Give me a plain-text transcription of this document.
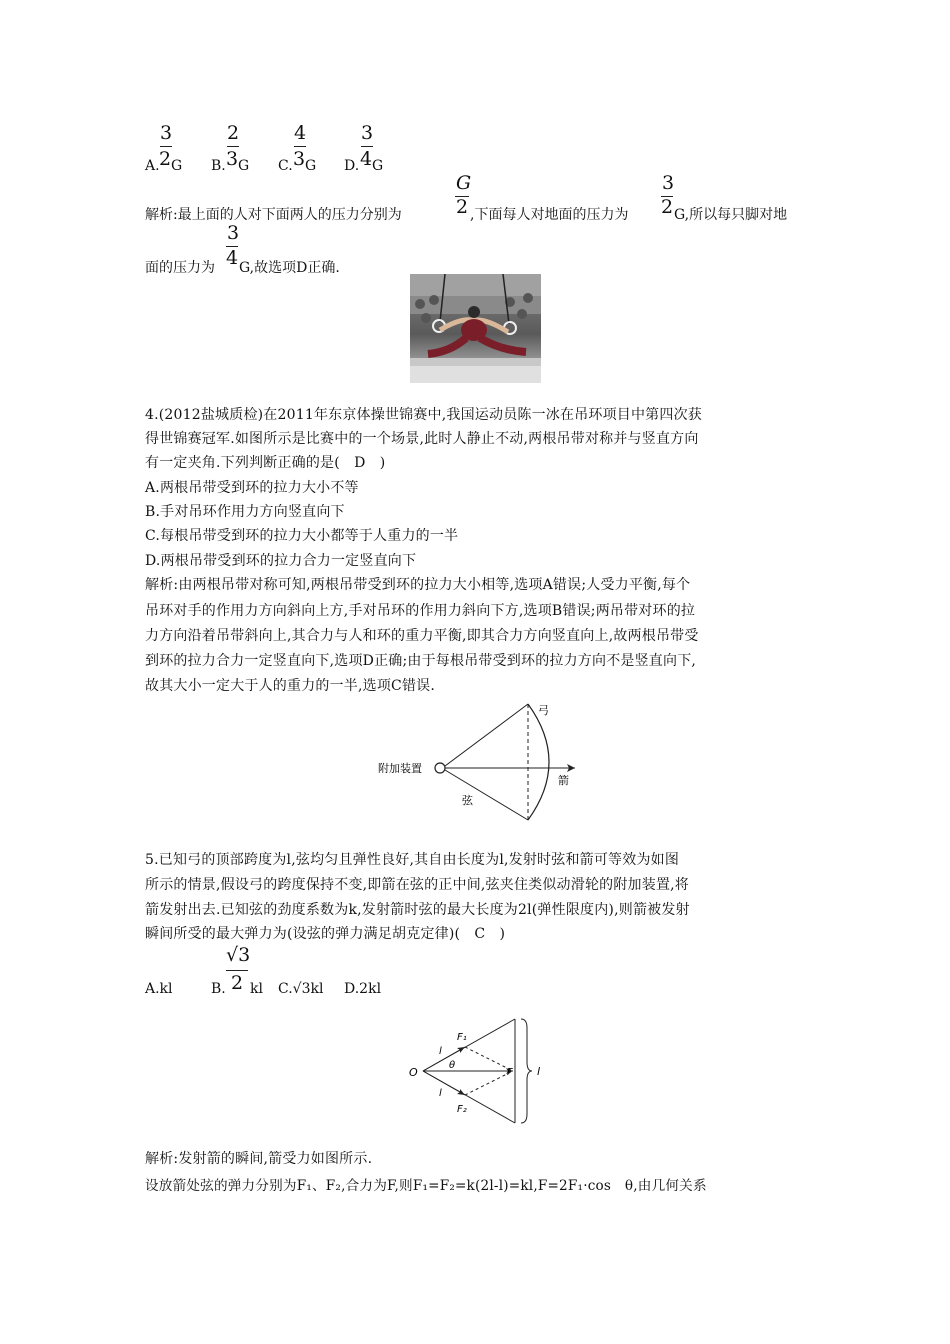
A.
3
2 G B.
2
3 G C.
4
3 G D.
3
4 G
解析:最上面的人对下面两人的压力分别为
G
2 ,下面每人对地面的压力为
3
2 G,所以每只脚对地
面的压力为
3
4 G,故选项D正确.
4.(2012盐城质检)在2011年东京体操世锦赛中,我国运动员陈一冰在吊环项目中第四次获
得世锦赛冠军.如图所示是比赛中的一个场景,此时人静止不动,两根吊带对称并与竖直方向
有一定夹角.下列判断正确的是(　D　)
A.两根吊带受到环的拉力大小不等
B.手对吊环作用力方向竖直向下
C.每根吊带受到环的拉力大小都等于人重力的一半
D.两根吊带受到环的拉力合力一定竖直向下
解析:由两根吊带对称可知,两根吊带受到环的拉力大小相等,选项A错误;人受力平衡,每个
吊环对手的作用力方向斜向上方,手对吊环的作用力斜向下方,选项B错误;两吊带对环的拉
力方向沿着吊带斜向上,其合力与人和环的重力平衡,即其合力方向竖直向上,故两根吊带受
到环的拉力合力一定竖直向下,选项D正确;由于每根吊带受到环的拉力方向不是竖直向下,
故其大小一定大于人的重力的一半,选项C错误.
附加装置
弓
箭
弦
5.已知弓的顶部跨度为l,弦均匀且弹性良好,其自由长度为l,发射时弦和箭可等效为如图
所示的情景,假设弓的跨度保持不变,即箭在弦的正中间,弦夹住类似动滑轮的附加装置,将
箭发射出去.已知弦的劲度系数为k,发射箭时弦的最大长度为2l(弹性限度内),则箭被发射
瞬间所受的最大弹力为(设弦的弹力满足胡克定律)(　C　)
A.kl	B.
√3
2 kl C.√3kl D.2kl
O
F₁
F₂
F
l
l
l
θ
解析:发射箭的瞬间,箭受力如图所示.
设放箭处弦的弹力分别为F₁、F₂,合力为F,则F₁=F₂=k(2l-l)=kl,F=2F₁·cos　θ,由几何关系
